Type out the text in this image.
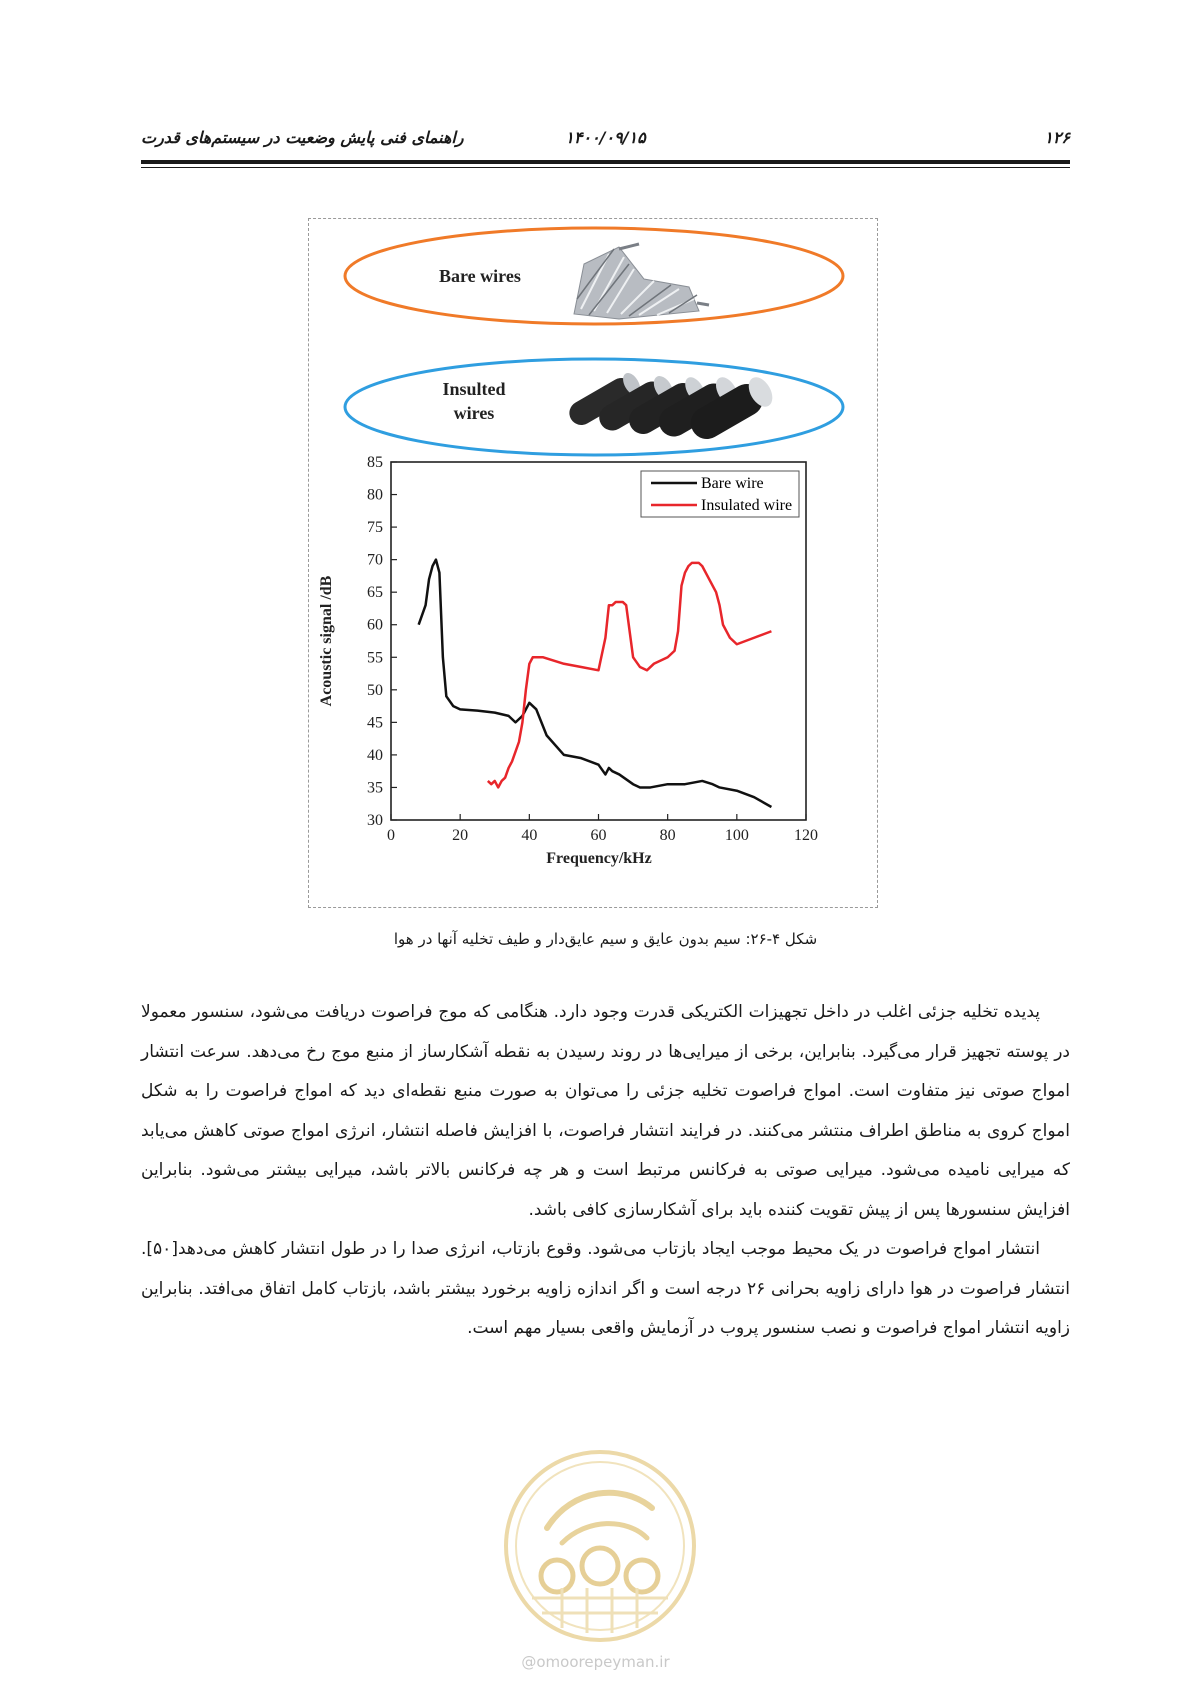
۱۲۶
۱۴۰۰/۰۹/۱۵
راهنمای فنی پایش وضعیت در سیستم‌های قدرت
Bare wires
Insulted
wires
0	20	40	60	80	100	120
30
35
40
45
50
55
60
65
70
75
80
85
Bare wire
Insulated wire
Frequency/kHz
Acoustic signal /dB
شکل ۴-۲۶: سیم بدون عایق و سیم عایق‌دار و طیف تخلیه آنها در هوا

پدیده تخلیه جزئی اغلب در داخل تجهیزات الکتریکی قدرت وجود دارد. هنگامی که موج فراصوت دریافت می‌شود، سنسور معمولا در پوسته تجهیز قرار می‌گیرد. بنابراین، برخی از میرایی‌ها در روند رسیدن به نقطه آشکارساز از منبع موج رخ می‌دهد. سرعت انتشار امواج صوتی نیز متفاوت است. امواج فراصوت تخلیه جزئی را می‌توان به صورت منبع نقطه‌ای دید که امواج فراصوت را به شکل امواج کروی به مناطق اطراف منتشر می‌کنند. در فرایند انتشار فراصوت، با افزایش فاصله انتشار، انرژی امواج صوتی کاهش می‌یابد که میرایی نامیده می‌شود. میرایی صوتی به فرکانس مرتبط است و هر چه فرکانس بالاتر باشد، میرایی بیشتر می‌شود. بنابراین افزایش سنسورها پس از پیش تقویت کننده باید برای آشکارسازی کافی باشد.

انتشار امواج فراصوت در یک محیط موجب ایجاد بازتاب می‌شود. وقوع بازتاب، انرژی صدا را در طول انتشار کاهش می‌دهد[۵۰]. انتشار فراصوت در هوا دارای زاویه بحرانی ۲۶ درجه است و اگر اندازه زاویه برخورد بیشتر باشد، بازتاب کامل اتفاق می‌افتد. بنابراین زاویه انتشار امواج فراصوت و نصب سنسور پروب در آزمایش واقعی بسیار مهم است.

@omoorepeyman.ir
